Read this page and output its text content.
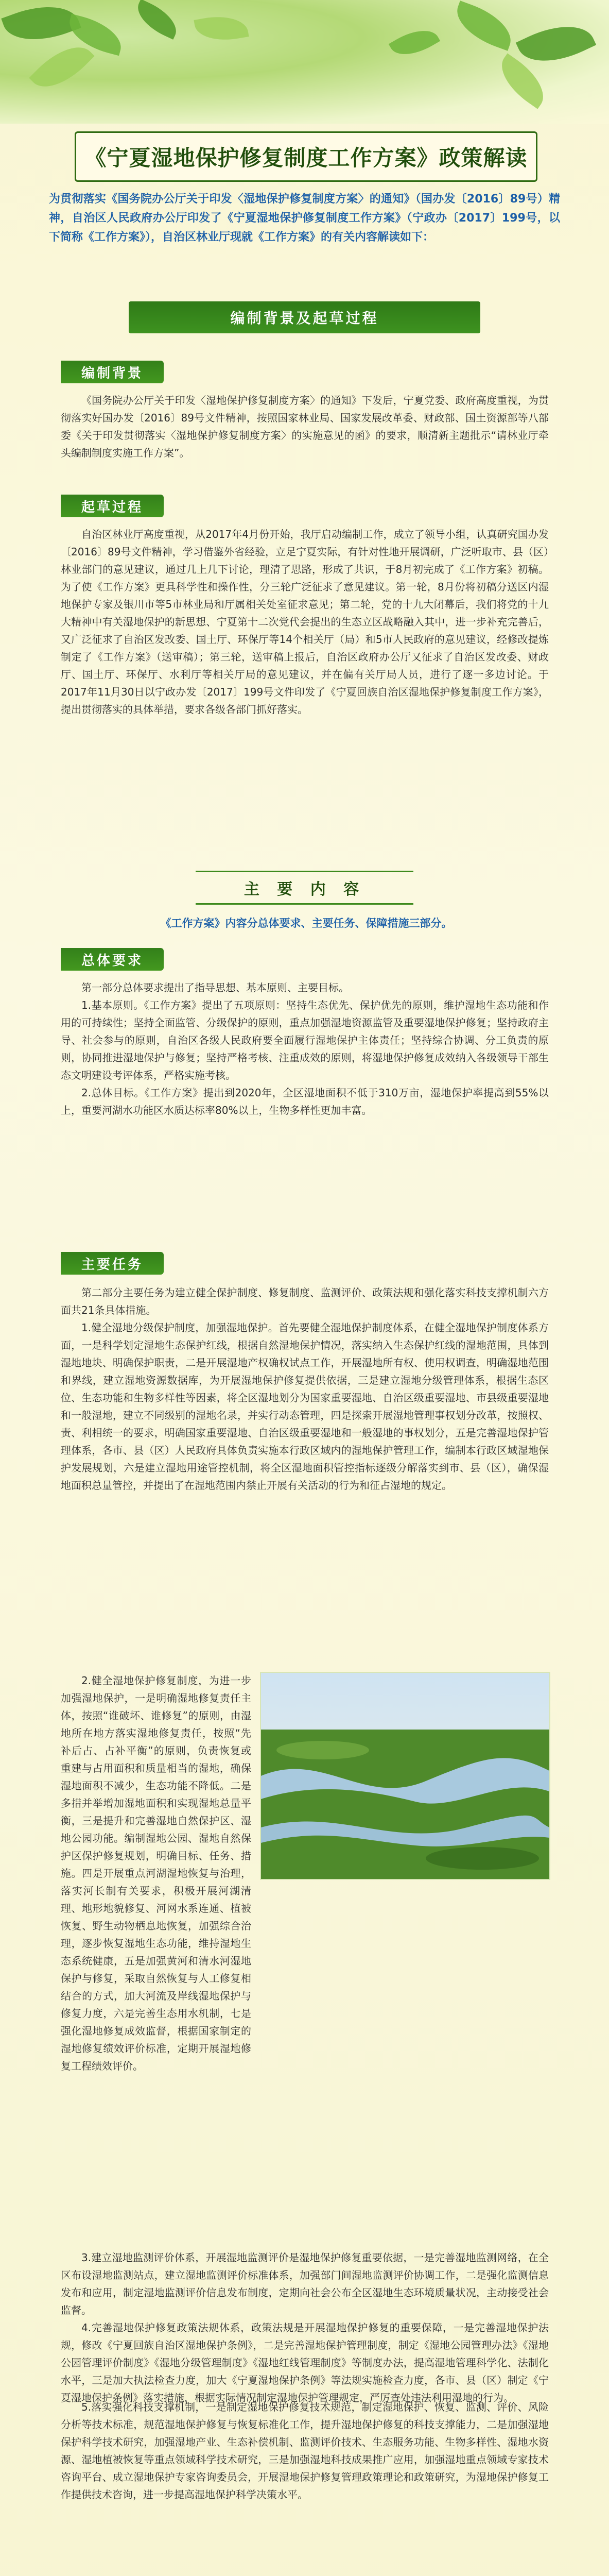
《宁夏湿地保护修复制度工作方案》政策解读
为贯彻落实《国务院办公厅关于印发〈湿地保护修复制度方案〉的通知》（国办发〔2016〕89号）精神，自治区人民政府办公厅印发了《宁夏湿地保护修复制度工作方案》（宁政办〔2017〕199号，以下简称《工作方案》），自治区林业厅现就《工作方案》的有关内容解读如下：
编制背景及起草过程
编制背景

《国务院办公厅关于印发〈湿地保护修复制度方案〉的通知》下发后，宁夏党委、政府高度重视，为贯彻落实好国办发〔2016〕89号文件精神，按照国家林业局、国家发展改革委、财政部、国土资源部等八部委《关于印发贯彻落实〈湿地保护修复制度方案〉的实施意见的函》的要求，顺清新主题批示“请林业厅牵头编制制度实施工作方案”。

起草过程

自治区林业厅高度重视，从2017年4月份开始，我厅启动编制工作，成立了领导小组，认真研究国办发〔2016〕89号文件精神，学习借鉴外省经验，立足宁夏实际，有针对性地开展调研，广泛听取市、县（区）林业部门的意见建议，通过几上几下讨论，理清了思路，形成了共识，于8月初完成了《工作方案》初稿。为了使《工作方案》更具科学性和操作性，分三轮广泛征求了意见建议。第一轮，8月份将初稿分送区内湿地保护专家及银川市等5市林业局和厅属相关处室征求意见；第二轮，党的十九大闭幕后，我们将党的十九大精神中有关湿地保护的新思想、宁夏第十二次党代会提出的生态立区战略融入其中，进一步补充完善后，又广泛征求了自治区发改委、国土厅、环保厅等14个相关厅（局）和5市人民政府的意见建议，经修改提炼制定了《工作方案》（送审稿）；第三轮，送审稿上报后，自治区政府办公厅又征求了自治区发改委、财政厅、国土厅、环保厅、水利厅等相关厅局的意见建议，并在偏有关厅局人员，进行了逐一多边讨论。于2017年11月30日以宁政办发〔2017〕199号文件印发了《宁夏回族自治区湿地保护修复制度工作方案》，提出贯彻落实的具体举措，要求各级各部门抓好落实。

主 要 内 容
《工作方案》内容分总体要求、主要任务、保障措施三部分。
总体要求

第一部分总体要求提出了指导思想、基本原则、主要目标。

1.基本原则。《工作方案》提出了五项原则：坚持生态优先、保护优先的原则，维护湿地生态功能和作用的可持续性；坚持全面监管、分级保护的原则，重点加强湿地资源监管及重要湿地保护修复；坚持政府主导、社会参与的原则，自治区各级人民政府要全面履行湿地保护主体责任；坚持综合协调、分工负责的原则，协同推进湿地保护与修复；坚持严格考核、注重成效的原则，将湿地保护修复成效纳入各级领导干部生态文明建设考评体系，严格实施考核。

2.总体目标。《工作方案》提出到2020年，全区湿地面积不低于310万亩，湿地保护率提高到55%以上，重要河湖水功能区水质达标率80%以上，生物多样性更加丰富。

主要任务

第二部分主要任务为建立健全保护制度、修复制度、监测评价、政策法规和强化落实科技支撑机制六方面共21条具体措施。

1.健全湿地分级保护制度，加强湿地保护。首先要健全湿地保护制度体系，在健全湿地保护制度体系方面，一是科学划定湿地生态保护红线，根据自然湿地保护情况，落实纳入生态保护红线的湿地范围，具体到湿地地块、明确保护职责，二是开展湿地产权确权试点工作，开展湿地所有权、使用权调查，明确湿地范围和界线，建立湿地资源数据库，为开展湿地保护修复提供依据，三是建立湿地分级管理体系，根据生态区位、生态功能和生物多样性等因素，将全区湿地划分为国家重要湿地、自治区级重要湿地、市县级重要湿地和一般湿地，建立不同级别的湿地名录，并实行动态管理，四是探索开展湿地管理事权划分改革，按照权、责、利相统一的要求，明确国家重要湿地、自治区级重要湿地和一般湿地的事权划分，五是完善湿地保护管理体系，各市、县（区）人民政府具体负责实施本行政区域内的湿地保护管理工作，编制本行政区域湿地保护发展规划，六是建立湿地用途管控机制，将全区湿地面积管控指标逐级分解落实到市、县（区），确保湿地面积总量管控，并提出了在湿地范围内禁止开展有关活动的行为和征占湿地的规定。

2.健全湿地保护修复制度，为进一步加强湿地保护，一是明确湿地修复责任主体，按照“谁破坏、谁修复”的原则，由湿地所在地方落实湿地修复责任，按照“先补后占、占补平衡”的原则，负责恢复或重建与占用面积和质量相当的湿地，确保湿地面积不减少，生态功能不降低。二是多措并举增加湿地面积和实现湿地总量平衡，三是提升和完善湿地自然保护区、湿地公园功能。编制湿地公园、湿地自然保护区保护修复规划，明确目标、任务、措施。四是开展重点河湖湿地恢复与治理，落实河长制有关要求，积极开展河湖清理、地形地貌修复、河网水系连通、植被恢复、野生动物栖息地恢复，加强综合治理，逐步恢复湿地生态功能，维持湿地生态系统健康，五是加强黄河和清水河湿地保护与修复，采取自然恢复与人工修复相结合的方式，加大河流及岸线湿地保护与修复力度，六是完善生态用水机制，七是强化湿地修复成效监督，根据国家制定的湿地修复绩效评价标准，定期开展湿地修复工程绩效评价。

3.建立湿地监测评价体系，开展湿地监测评价是湿地保护修复重要依据，一是完善湿地监测网络，在全区布设湿地监测站点，建立湿地监测评价标准体系，加强部门间湿地监测评价协调工作，二是强化监测信息发布和应用，制定湿地监测评价信息发布制度，定期向社会公布全区湿地生态环境质量状况，主动接受社会监督。

4.完善湿地保护修复政策法规体系，政策法规是开展湿地保护修复的重要保障，一是完善湿地保护法规，修改《宁夏回族自治区湿地保护条例》，二是完善湿地保护管理制度，制定《湿地公园管理办法》《湿地公园管理评价制度》《湿地分级管理制度》《湿地红线管理制度》等制度办法，提高湿地管理科学化、法制化水平，三是加大执法检查力度，加大《宁夏湿地保护条例》等法规实施检查力度，各市、县（区）制定《宁夏湿地保护条例》落实措施，根据实际情况制定湿地保护管理规定，严厉查处违法利用湿地的行为。

5.落实强化科技支撑机制，一是制定湿地保护修复技术规范，制定湿地保护、恢复、监测、评价、风险分析等技术标准，规范湿地保护修复与恢复标准化工作，提升湿地保护修复的科技支撑能力，二是加强湿地保护科学技术研究，加强湿地产业、生态补偿机制、监测评价技术、生态服务功能、生物多样性、湿地水资源、湿地植被恢复等重点领域科学技术研究，三是加强湿地科技成果推广应用，加强湿地重点领域专家技术咨询平台、成立湿地保护专家咨询委员会，开展湿地保护修复管理政策理论和政策研究，为湿地保护修复工作提供技术咨询，进一步提高湿地保护科学决策水平。
